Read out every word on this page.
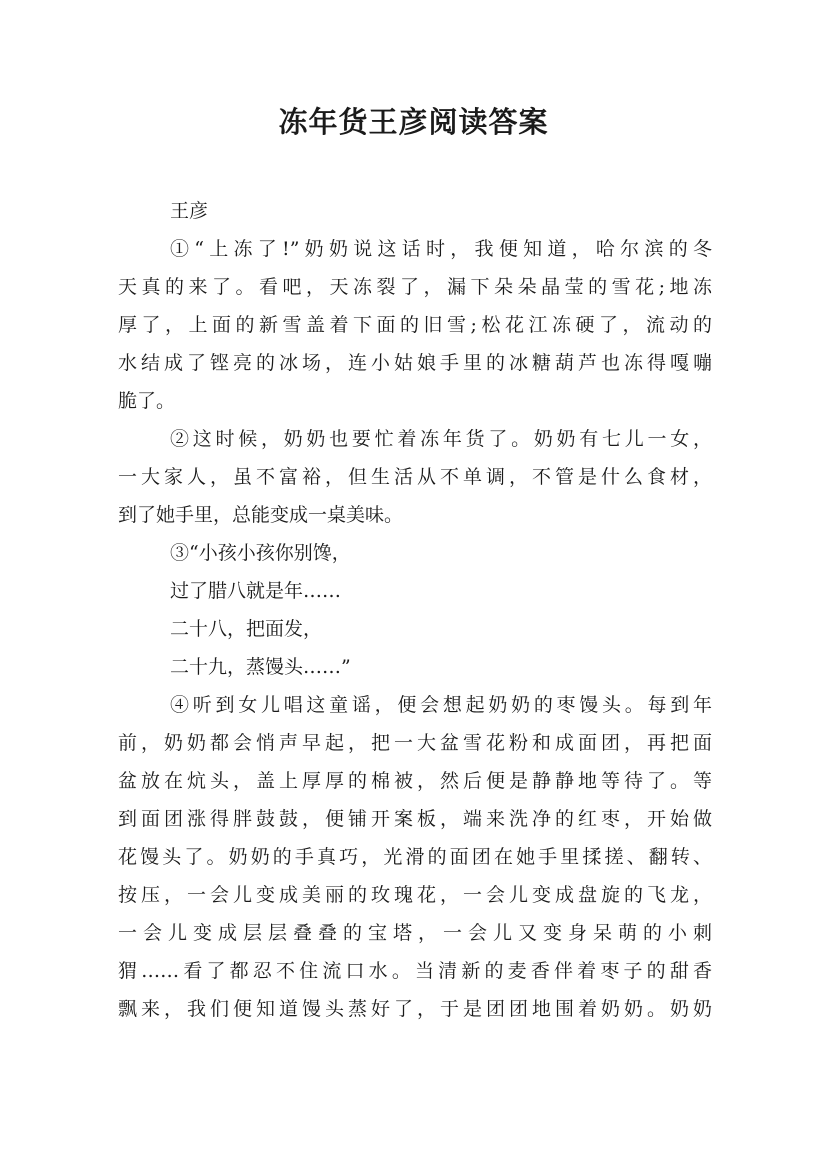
冻年货王彦阅读答案
王彦
①“上冻了!”奶奶说这话时，我便知道，哈尔滨的冬
天真的来了。看吧，天冻裂了，漏下朵朵晶莹的雪花;地冻
厚了，上面的新雪盖着下面的旧雪;松花江冻硬了，流动的
水结成了铿亮的冰场，连小姑娘手里的冰糖葫芦也冻得嘎嘣
脆了。
②这时候，奶奶也要忙着冻年货了。奶奶有七儿一女，
一大家人，虽不富裕，但生活从不单调，不管是什么食材，
到了她手里，总能变成一桌美味。
③“小孩小孩你别馋，
过了腊八就是年……
二十八，把面发，
二十九，蒸馒头……”
④听到女儿唱这童谣，便会想起奶奶的枣馒头。每到年
前，奶奶都会悄声早起，把一大盆雪花粉和成面团，再把面
盆放在炕头，盖上厚厚的棉被，然后便是静静地等待了。等
到面团涨得胖鼓鼓，便铺开案板，端来洗净的红枣，开始做
花馒头了。奶奶的手真巧，光滑的面团在她手里揉搓、翻转、
按压，一会儿变成美丽的玫瑰花，一会儿变成盘旋的飞龙，
一会儿变成层层叠叠的宝塔，一会儿又变身呆萌的小刺
猬……看了都忍不住流口水。当清新的麦香伴着枣子的甜香
飘来，我们便知道馒头蒸好了，于是团团地围着奶奶。奶奶
